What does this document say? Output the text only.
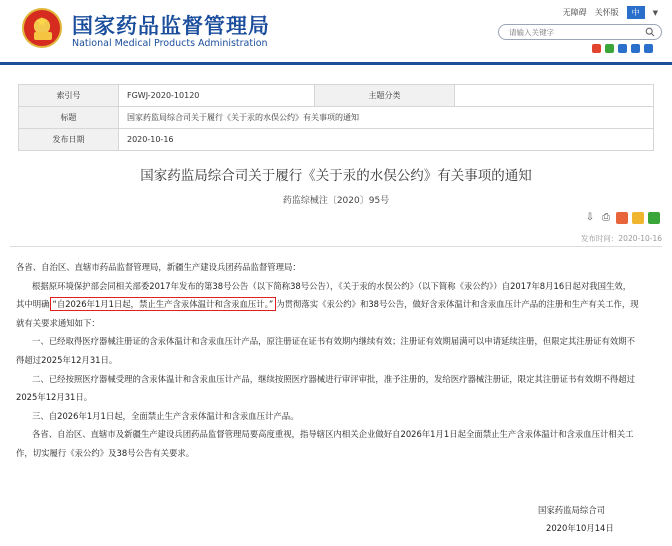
★ 国家药品监督管理局
National Medical Products Administration
无障碍 关怀版	中	▼
请输入关键字
索引号	FGWJ-2020-10120	主题分类	
标题	国家药监局综合司关于履行《关于汞的水俣公约》有关事项的通知		
发布日期	2020-10-16		
国家药监局综合司关于履行《关于汞的水俣公约》有关事项的通知
药监综械注〔2020〕95号
⇩ ⎙
发布时间：2020-10-16
各省、自治区、直辖市药品监督管理局，新疆生产建设兵团药品监督管理局：
根据原环境保护部会同相关部委2017年发布的第38号公告（以下简称38号公告），《关于汞的水俣公约》（以下简称《汞公约》）自2017年8月16日起对我国生效，
其中明确 “自2026年1月1日起，禁止生产含汞体温计和含汞血压计。” 为贯彻落实《汞公约》和38号公告，做好含汞体温计和含汞血压计产品的注册和生产有关工作，现
就有关要求通知如下：
一、已经取得医疗器械注册证的含汞体温计和含汞血压计产品，原注册证在证书有效期内继续有效；注册证有效期届满可以申请延续注册，但限定其注册证有效期不
得超过2025年12月31日。
二、已经按照医疗器械受理的含汞体温计和含汞血压计产品，继续按照医疗器械进行审评审批，准予注册的，发给医疗器械注册证，限定其注册证书有效期不得超过
2025年12月31日。
三、自2026年1月1日起，全面禁止生产含汞体温计和含汞血压计产品。
各省、自治区、直辖市及新疆生产建设兵团药品监督管理局要高度重视，指导辖区内相关企业做好自2026年1月1日起全面禁止生产含汞体温计和含汞血压计相关工
作，切实履行《汞公约》及38号公告有关要求。
国家药监局综合司
2020年10月14日
